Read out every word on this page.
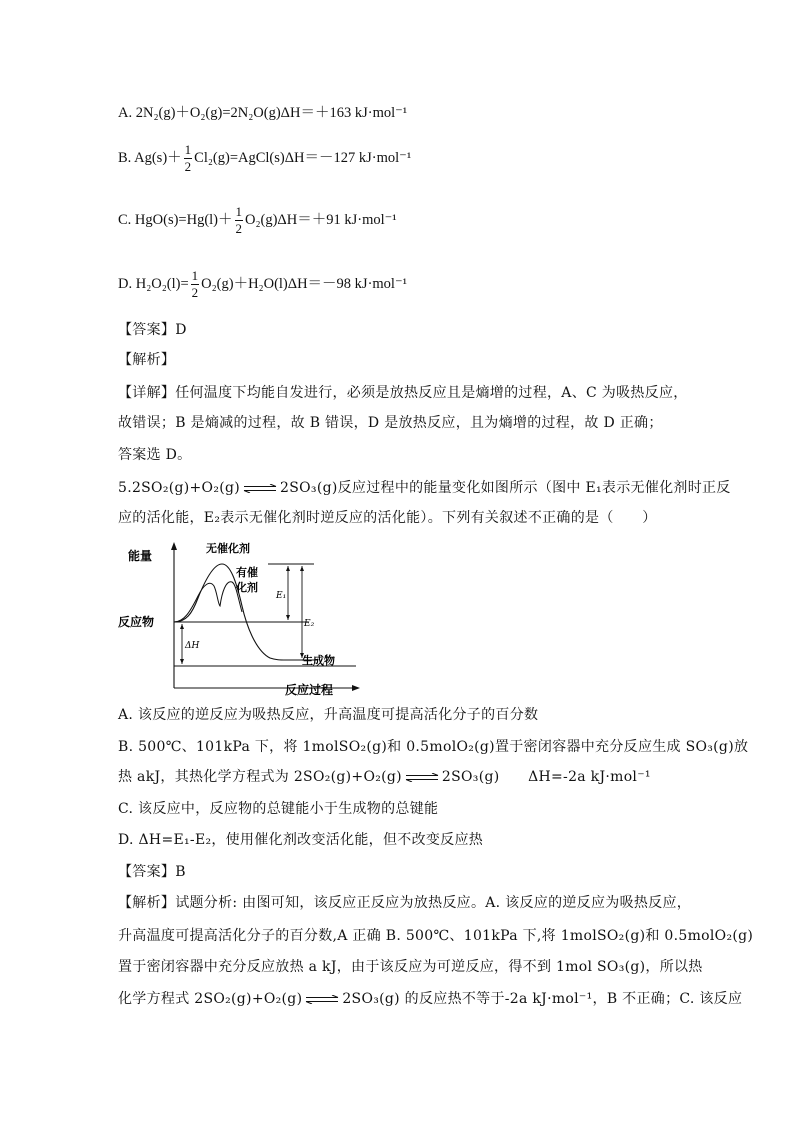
A. 2N₂(g)＋O₂(g)=2N₂O(g)ΔH＝＋163 kJ·mol⁻¹
B. $Ag(s)+ \frac{1}{2}$ Cl₂(g)=AgCl(s)ΔH＝－127 kJ·mol⁻¹
C. $HgO(s)=Hg(l)+ \frac{1}{2} O_2(g)\Delta H=+91$ kJ·mol⁻¹
D. $H_2O_2(l)= \frac{1}{2} O_2(g)+H_2O(l)\Delta H=-98$ kJ·mol⁻¹
【答案】D
【解析】
【详解】任何温度下均能自发进行，必须是放热反应且是熵增的过程，A、C 为吸热反应，
故错误；B 是熵减的过程，故 B 错误，D 是放热反应，且为熵增的过程，故 D 正确；
答案选 D。
5.2SO₂(g)+O₂(g)	2SO₃(g)反应过程中的能量变化如图所示（图中 E₁表示无催化剂时正反
应的活化能，E₂表示无催化剂时逆反应的活化能）。下列有关叙述不正确的是（　　）
能量
反应过程
无催化剂
有催
化剂
反应物
生成物
E₁
E₂
ΔH
A. 该反应的逆反应为吸热反应，升高温度可提高活化分子的百分数
B. 500℃、101kPa 下，将 1molSO₂(g)和 0.5molO₂(g)置于密闭容器中充分反应生成 SO₃(g)放
热 akJ，其热化学方程式为 2SO₂(g)+O₂(g)	2SO₃(g)　　ΔH=-2a kJ·mol⁻¹
C. 该反应中，反应物的总键能小于生成物的总键能
D. ΔH=E₁-E₂，使用催化剂改变活化能，但不改变反应热
【答案】B
【解析】试题分析: 由图可知，该反应正反应为放热反应。A. 该反应的逆反应为吸热反应，
升高温度可提高活化分子的百分数,A 正确 B. 500℃、101kPa 下,将 1molSO₂(g)和 0.5molO₂(g)
置于密闭容器中充分反应放热 a kJ，由于该反应为可逆反应，得不到 1mol SO₃(g)，所以热
化学方程式 2SO₂(g)+O₂(g)	2SO₃(g) 的反应热不等于-2a kJ·mol⁻¹，B 不正确；C. 该反应
